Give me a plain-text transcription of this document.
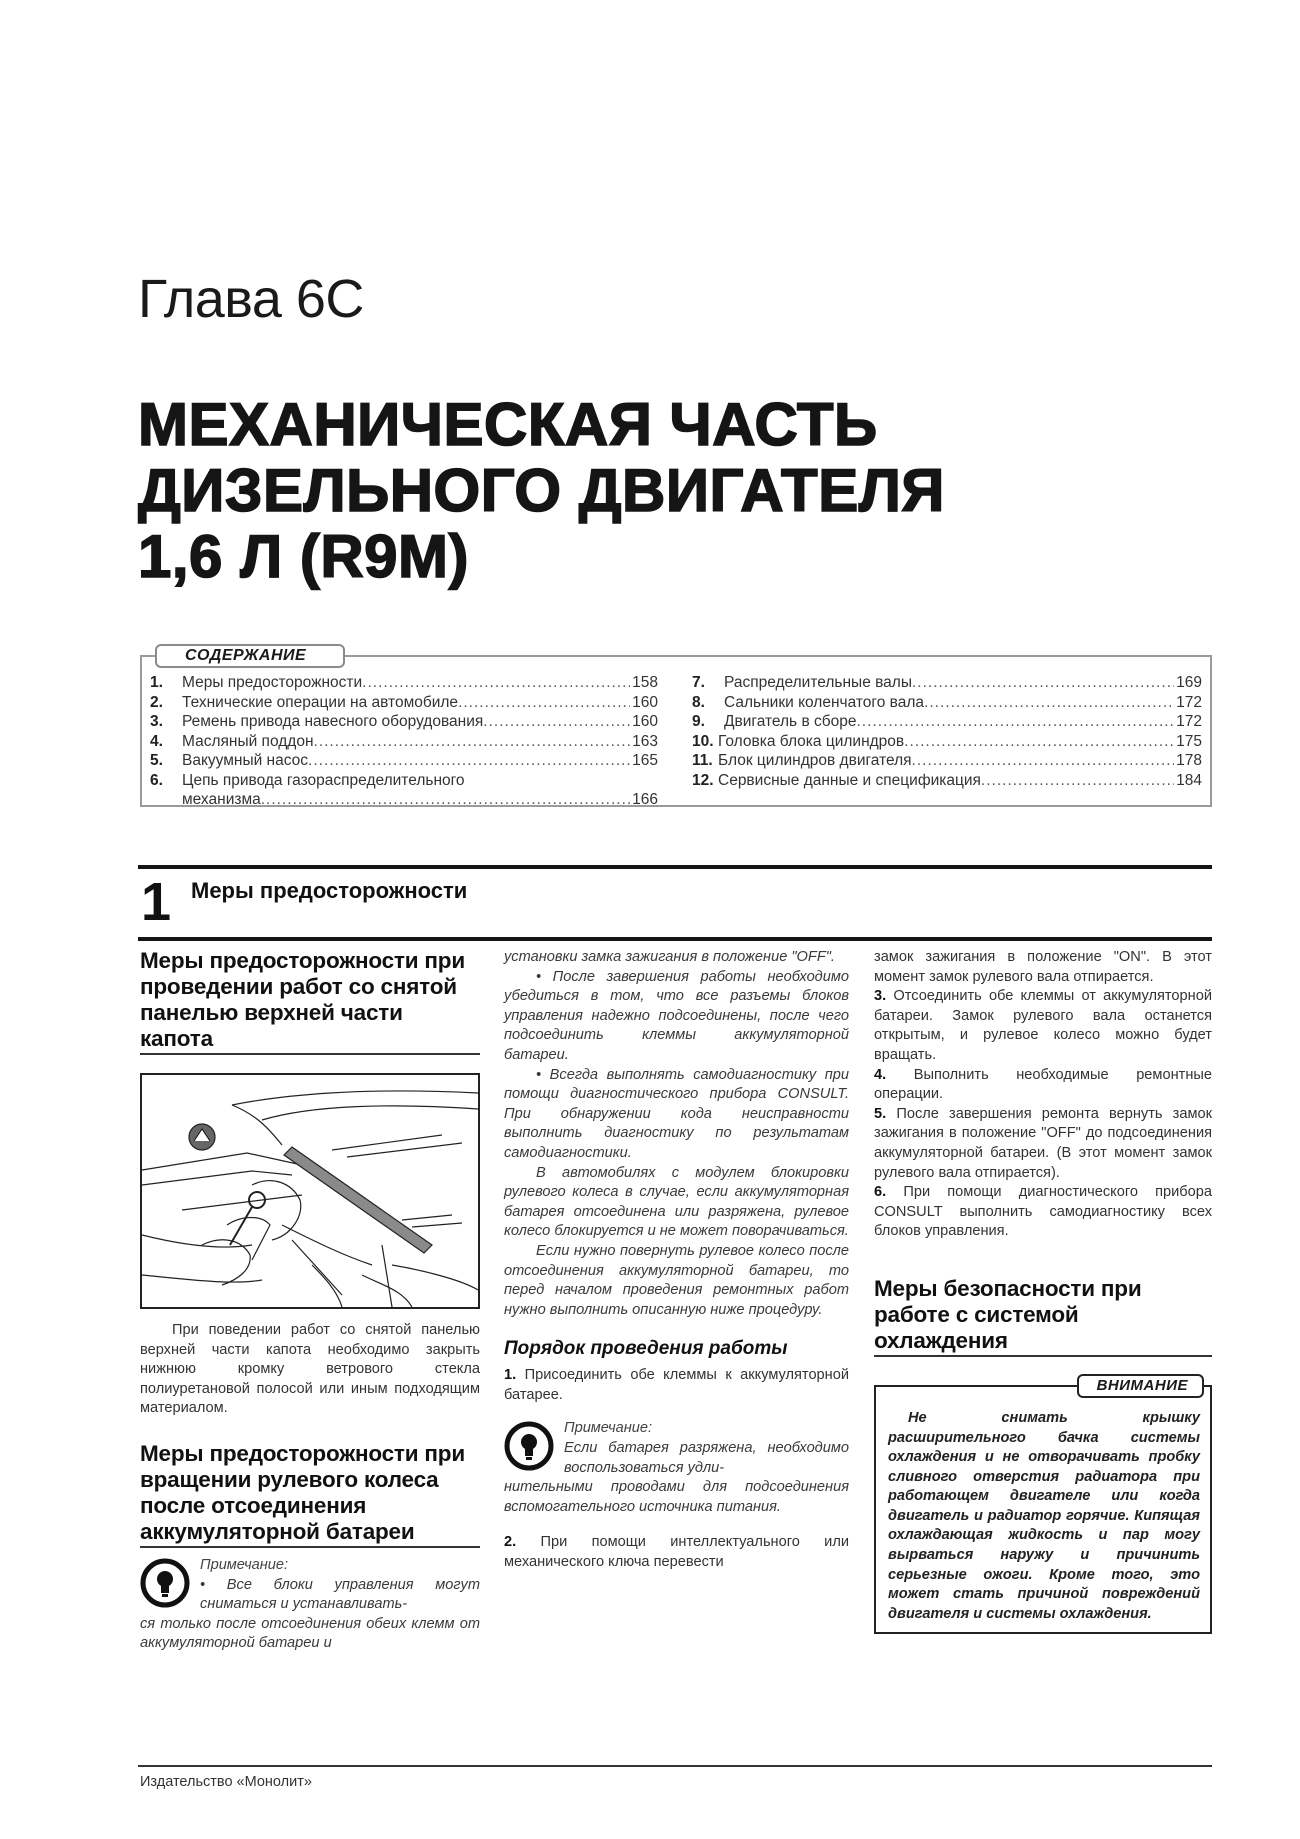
Глава 6C
МЕХАНИЧЕСКАЯ ЧАСТЬ
ДИЗЕЛЬНОГО ДВИГАТЕЛЯ
1,6 Л (R9M)
СОДЕРЖАНИЕ
1.	Меры предосторожности .....	158
2.	Технические операции на автомобиле .....	160
3.	Ремень привода навесного оборудования .....	160
4.	Масляный поддон .....	163
5.	Вакуумный насос .....	165
6.	Цепь привода газораспределительного
механизма .....	166
7.	Распределительные валы .....	169
8.	Сальники коленчатого вала .....	172
9.	Двигатель в сборе .....	172
10. Головка блока цилиндров .....	175
11. Блок цилиндров двигателя .....	178
12. Сервисные данные и спецификация .....	184
1 Меры предосторожности
Меры предосторожности при проведении работ со снятой панелью верхней части капота
При поведении работ со снятой панелью верхней части капота необходимо закрыть нижнюю кромку ветрового стекла полиуретановой полосой или иным подходящим материалом.
Меры предосторожности при вращении рулевого колеса после отсоединения аккумуляторной батареи
Примечание:
• Все блоки управления могут сниматься и устанавливать-
ся только после отсоединения обеих клемм от аккумуляторной батареи и
установки замка зажигания в положение "OFF".
• После завершения работы необходимо убедиться в том, что все разъемы блоков управления надежно подсоединены, после чего подсоединить клеммы аккумуляторной батареи.
• Всегда выполнять самодиагностику при помощи диагностического прибора CONSULT. При обнаружении кода неисправности выполнить диагностику по результатам самодиагностики.
В автомобилях с модулем блокировки рулевого колеса в случае, если аккумуляторная батарея отсоединена или разряжена, рулевое колесо блокируется и не может поворачиваться.
Если нужно повернуть рулевое колесо после отсоединения аккумуляторной батареи, то перед началом проведения ремонтных работ нужно выполнить описанную ниже процедуру.
Порядок проведения работы
1. Присоединить обе клеммы к аккумуляторной батарее.
Примечание:
Если батарея разряжена, необходимо воспользоваться удли-
нительными проводами для подсоединения вспомогательного источника питания.
2. При помощи интеллектуального или механического ключа перевести
замок зажигания в положение "ON". В этот момент замок рулевого вала отпирается.
3. Отсоединить обе клеммы от аккумуляторной батареи. Замок рулевого вала останется открытым, и рулевое колесо можно будет вращать.
4. Выполнить необходимые ремонтные операции.
5. После завершения ремонта вернуть замок зажигания в положение "OFF" до подсоединения аккумуляторной батареи. (В этот момент замок рулевого вала отпирается).
6. При помощи диагностического прибора CONSULT выполнить самодиагностику всех блоков управления.
Меры безопасности при работе с системой охлаждения
ВНИМАНИЕ
Не снимать крышку расширительного бачка системы охлаждения и не отворачивать пробку сливного отверстия радиатора при работающем двигателе или когда двигатель и радиатор горячие. Кипящая охлаждающая жидкость и пар могу вырваться наружу и причинить серьезные ожоги. Кроме того, это может стать причиной повреждений двигателя и системы охлаждения.
Издательство «Монолит»
